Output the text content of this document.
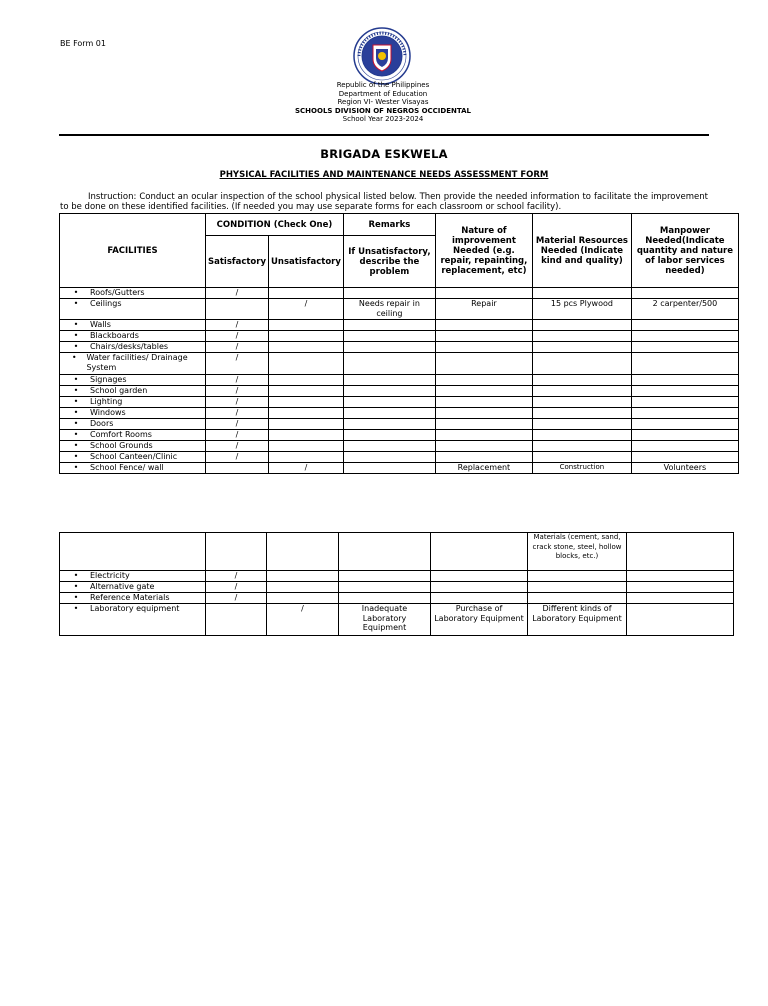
BE Form 01
Republic of the Philippines
Department of Education
Region VI- Wester Visayas
SCHOOLS DIVISION OF NEGROS OCCIDENTAL
School Year 2023-2024
BRIGADA ESKWELA
PHYSICAL FACILITIES AND MAINTENANCE NEEDS ASSESSMENT FORM
Instruction: Conduct an ocular inspection of the school physical listed below. Then provide the needed information to facilitate the improvement to be done on these identified facilities. (If needed you may use separate forms for each classroom or school facility).
FACILITIES	CONDITION (Check One)		Remarks	Nature of improvement Needed (e.g. repair, repainting, replacement, etc)	Material Resources Needed (Indicate kind and quality)	Manpower Needed(Indicate quantity and nature of labor services needed)
	Satisfactory	Unsatisfactory	If Unsatisfactory, describe the problem			

• Roofs/Gutters	/					

• Ceilings		/	Needs repair in ceiling	Repair	15 pcs Plywood	2 carpenter/500

• Walls	/					

• Blackboards	/					

• Chairs/desks/tables	/					

• Water facilities/ Drainage System	/					

• Signages	/					

• School garden	/					

• Lighting	/					

• Windows	/					

• Doors	/					

• Comfort Rooms	/					

• School Grounds	/					

• School Canteen/Clinic	/					

• School Fence/ wall		/		Replacement	Construction	Volunteers
					Materials (cement, sand, crack stone, steel, hollow blocks, etc.)	

• Electricity	/					

• Alternative gate	/					

• Reference Materials	/					

• Laboratory equipment		/	Inadequate Laboratory Equipment	Purchase of Laboratory Equipment	Different kinds of Laboratory Equipment	
